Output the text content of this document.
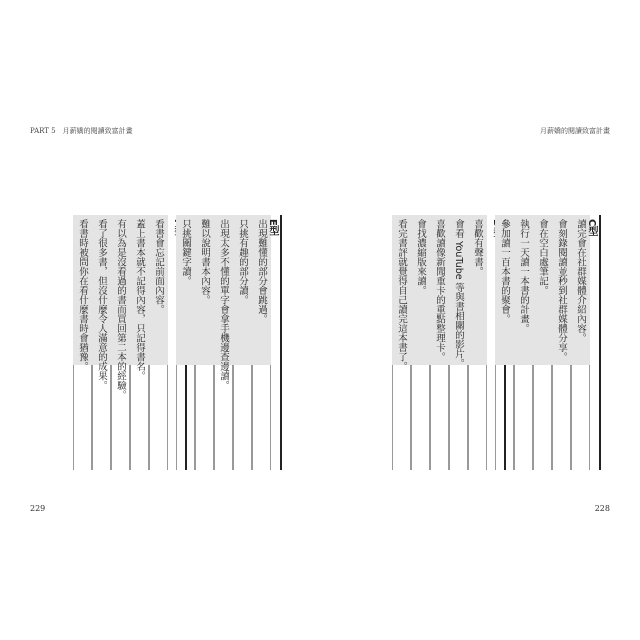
PART 5　月薪嬌的閱讀致富計畫
229
看書時被問你在看什麼書時會猶豫。 看了很多書，但沒什麼令人滿意的成果。 有以為是沒看過的書而買回第二本的經驗。 蓋上書本就不記得內容，只記得書名。 看書會忘記前面內容。	只挑關鍵字讀。 難以說明書本內容。 出現太多不懂的單字會拿手機邊查邊讀。 只挑有趣的部分讀。 出現難懂的部分會跳過。 E型
月薪嬌的閱讀致富計畫
228
看完書評就覺得自己讀完這本書了。 會找濃縮版來讀。 喜歡讀像新聞重卡的重點整理卡。 會看 YouTube 等與書相關的影片。 喜歡有聲書。	參加讀一百本書的聚會。 執行一天讀一本書的計畫。 會在空白處筆記。 會刻錄閱讀並秒到社群媒體分享。 讀完會在社群媒體介紹內容。 C型
